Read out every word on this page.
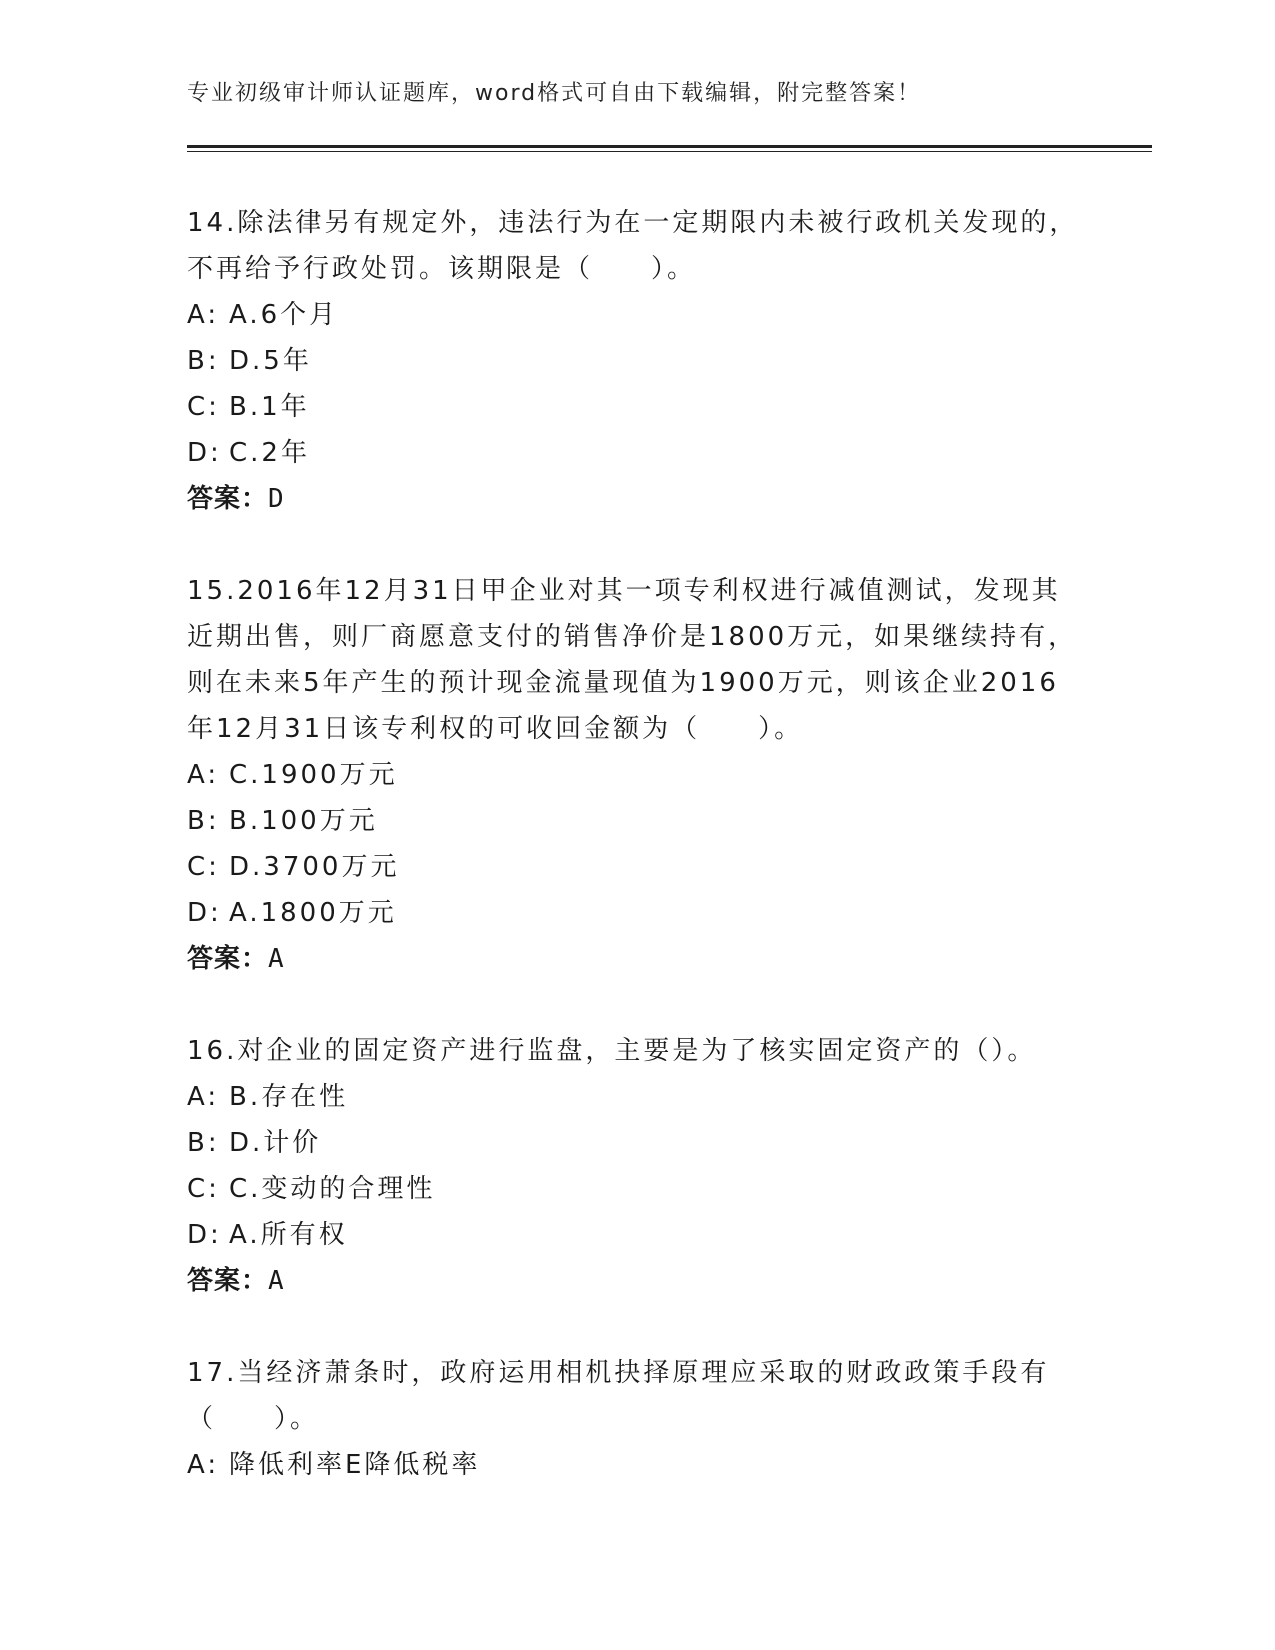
专业初级审计师认证题库，word格式可自由下载编辑，附完整答案！

14.除法律另有规定外，违法行为在一定期限内未被行政机关发现的，不再给予行政处罚。该期限是（　　）。

A: A.6个月
B: D.5年
C: B.1年
D: C.2年
答案：D

15.2016年12月31日甲企业对其一项专利权进行减值测试，发现其近期出售，则厂商愿意支付的销售净价是1800万元，如果继续持有，则在未来5年产生的预计现金流量现值为1900万元，则该企业2016年12月31日该专利权的可收回金额为（　　）。

A: C.1900万元
B: B.100万元
C: D.3700万元
D: A.1800万元
答案：A

16.对企业的固定资产进行监盘，主要是为了核实固定资产的（）。

A: B.存在性
B: D.计价
C: C.变动的合理性
D: A.所有权
答案：A

17.当经济萧条时，政府运用相机抉择原理应采取的财政政策手段有（　　）。

A: 降低利率E降低税率
